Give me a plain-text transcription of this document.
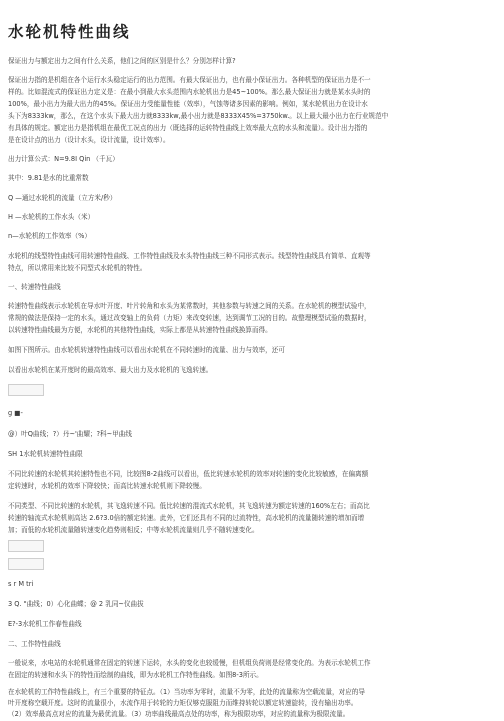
水轮机特性曲线

保证出力与额定出力之间有什么关系，他们之间的区别是什么？分别怎样计算?

保证出力指的是机组在各个运行水头稳定运行的出力范围。有最大保证出力，也有最小保证出力。各种机型的保证出力是不一

样的。比如混流式的保证出力定义是：在最小到最大水头范围内水轮机出力是45~100%。那么最大保证出力就是某水头时的

100%，最小出力为最大出力的45%。保证出力受能量性能（效率），气蚀等诸多因素的影响。例如，某水轮机出力在设计水

头下为8333kw，那么，在这个水头下最大出力就8333kw,最小出力就是8333X45%=3750kw.。以上最大最小出力在行业规范中

有具体的规定。额定出力是指机组在最优工况点的出力（既选择的运转特性曲线上效率最大点的水头和流量）。设计出力指的

是在设计点的出力（设计水头，设计流量，设计效率）。

出力计算公式：N=9.8I Qin （千瓦）

其中：9.81是水的比重常数

Q —通过水轮机的流量（立方米/秒）

H —水轮机的工作水头（米）

n—水轮机的工作效率（%）

水轮机的线型特性曲线可用转速特性曲线、工作特性曲线及水头特性曲线三种不同形式表示。线型特性曲线具有简单、直观等

特点，所以常用来比较不同型式水轮机的特性。

一、转速特性曲线

转速特性曲线表示水轮机在导水叶开度、叶片转角和水头为某常数时，其他参数与转速之间的关系。在水轮机的模型试验中，

常规的做法是保持一定的水头，通过改变轴上的负荷（力矩）来改变转速，达到调节工况的目的。故整理模型试验的数据时，

以转速特性曲线最为方便，水轮机的其他特性曲线，实际上都是从转速特性曲线换算而得。

如图下图所示。由水轮机转速特性曲线可以看出水轮机在不同转速时的流量、出力与效率，还可

以看出水轮机在某开度时的最高效率、最大出力及水轮机的飞逸转速。

g ■-

@）叶Q曲线；?）丹~'曲耀；?科~甲曲线

SH 1水轮机转速特性曲限

不同比转速的水轮机其转速特性也不同，比较图8-2曲线可以看出，低比转速水轮机的效率对转速的变化比较敏感，在偏离额

定转速时，水轮机的效率下降较快；而高比转速水轮机则下降较慢。

不同类型、不同比转速的水轮机，其飞逸转速不同。低比转速的混流式水轮机，其飞逸转速为额定转速的160%左右；而高比

转速的轴流式水轮机则高达 2.6?3.0倍的额定转速。此外，它们还具有不同的过流特性，高水轮机的流量随转速的增加而增

加；而低的水轮机流量随转速变化趋势则相反；中等水轮机流量则几乎不随转速变化。

s r M tri

3 Q. "曲线；0）心化曲蝶；@ 2 乳同~仪曲拔

E?-3水轮机工作春性曲线

二、工作特性曲线

一般说来，水电站的水轮机通常在固定的转速下运转，水头的变化也较缓慢，但机组负荷则是经常变化的。为表示水轮机工作

在固定的转速和水头下的特性而绘制的曲线，即为水轮机工作特性曲线。如图8-3所示。

在水轮机的工作特性曲线上，有三个重要的特征点。（1）当功率为零时，流量不为零，此处的流量称为空载流量，对应的导

叶开度称空载开度。这时的流量很小，水流作用于转轮的力矩仅够克服阻力而维持转轮以额定转速旋转，没有输出功率。

（2）效率最高点对应的流量为最优流量。（3）功率曲线最高点处的功率，称为极限功率，对应的流量称为极限流量。
